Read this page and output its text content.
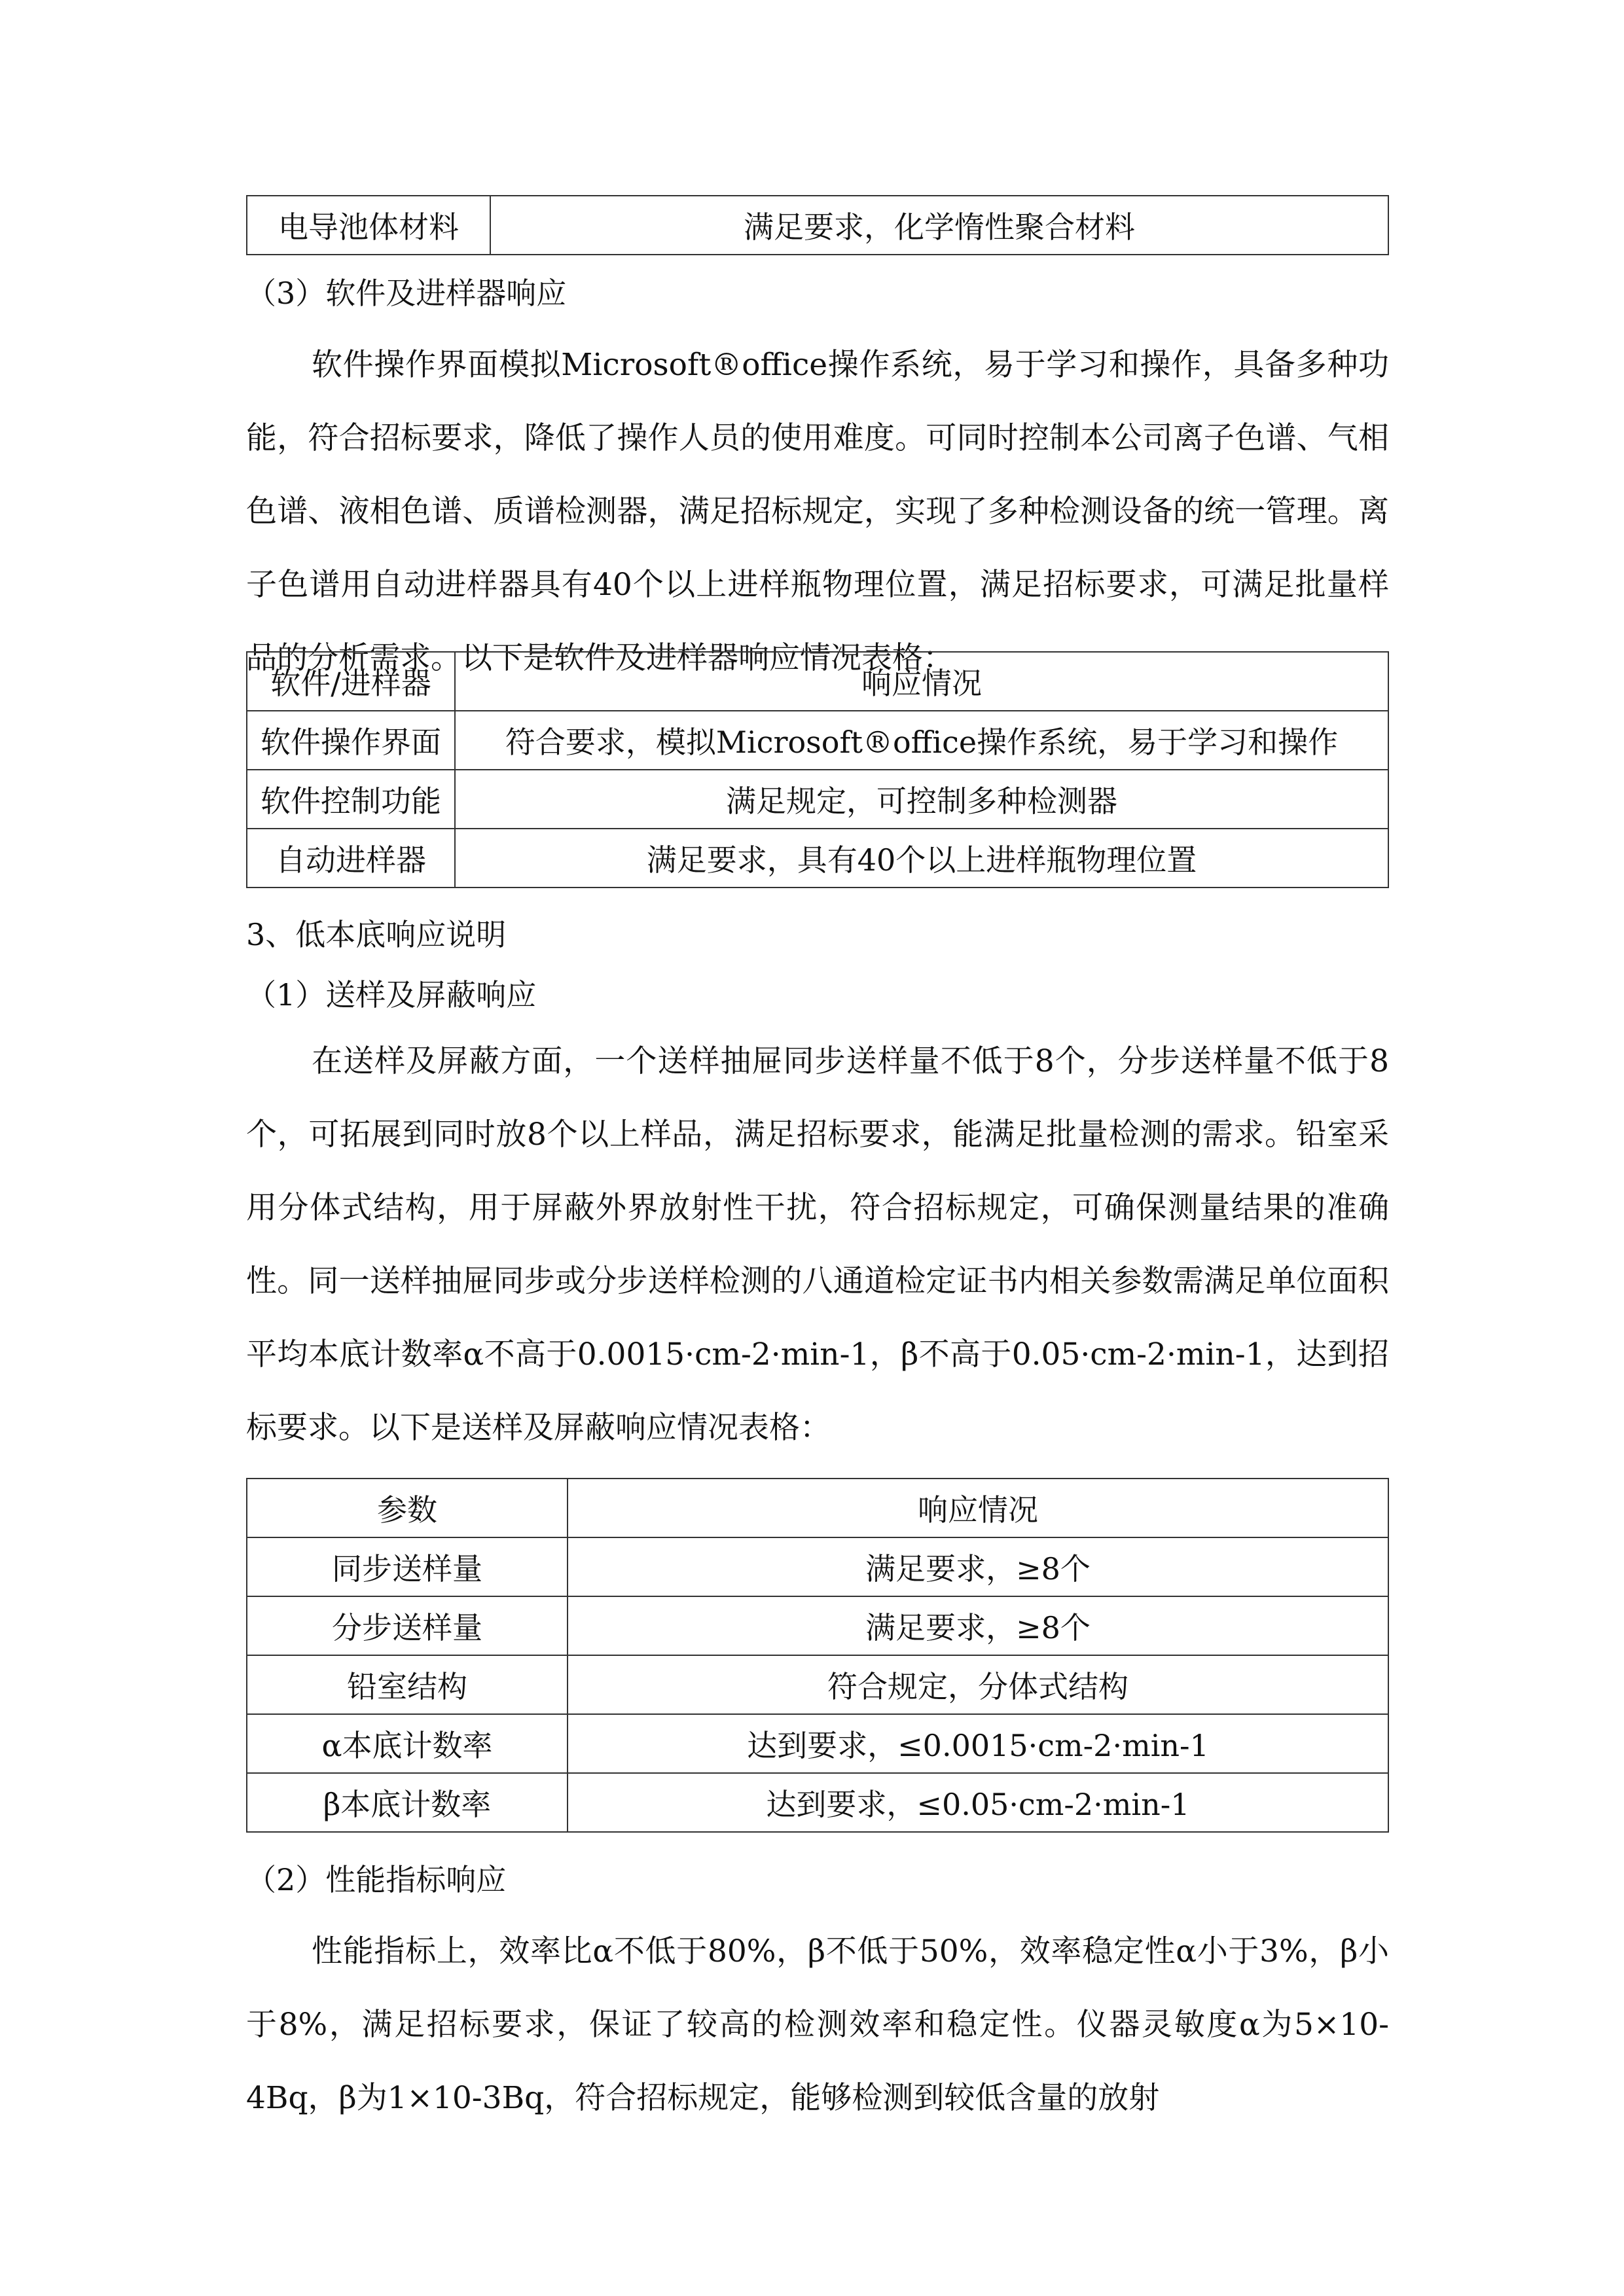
电导池体材料	满足要求，化学惰性聚合材料
（3）软件及进样器响应
软件操作界面模拟Microsoft®office操作系统，易于学习和操作，具备多种功能，符合招标要求，降低了操作人员的使用难度。可同时控制本公司离子色谱、气相色谱、液相色谱、质谱检测器，满足招标规定，实现了多种检测设备的统一管理。离子色谱用自动进样器具有40个以上进样瓶物理位置，满足招标要求，可满足批量样品的分析需求。以下是软件及进样器响应情况表格：
软件/进样器	响应情况
软件操作界面	符合要求，模拟Microsoft®office操作系统，易于学习和操作
软件控制功能	满足规定，可控制多种检测器
自动进样器	满足要求，具有40个以上进样瓶物理位置
3、低本底响应说明
（1）送样及屏蔽响应
在送样及屏蔽方面，一个送样抽屉同步送样量不低于8个，分步送样量不低于8个，可拓展到同时放8个以上样品，满足招标要求，能满足批量检测的需求。铅室采用分体式结构，用于屏蔽外界放射性干扰，符合招标规定，可确保测量结果的准确性。同一送样抽屉同步或分步送样检测的八通道检定证书内相关参数需满足单位面积平均本底计数率α不高于0.0015·cm-2·min-1，β不高于0.05·cm-2·min-1，达到招标要求。以下是送样及屏蔽响应情况表格：
参数	响应情况
同步送样量	满足要求，≥8个
分步送样量	满足要求，≥8个
铅室结构	符合规定，分体式结构
α本底计数率	达到要求，≤0.0015·cm-2·min-1
β本底计数率	达到要求，≤0.05·cm-2·min-1
（2）性能指标响应
性能指标上，效率比α不低于80%，β不低于50%，效率稳定性α小于3%，β小于8%，满足招标要求，保证了较高的检测效率和稳定性。仪器灵敏度α为5×10-4Bq，β为1×10-3Bq，符合招标规定，能够检测到较低含量的放射
